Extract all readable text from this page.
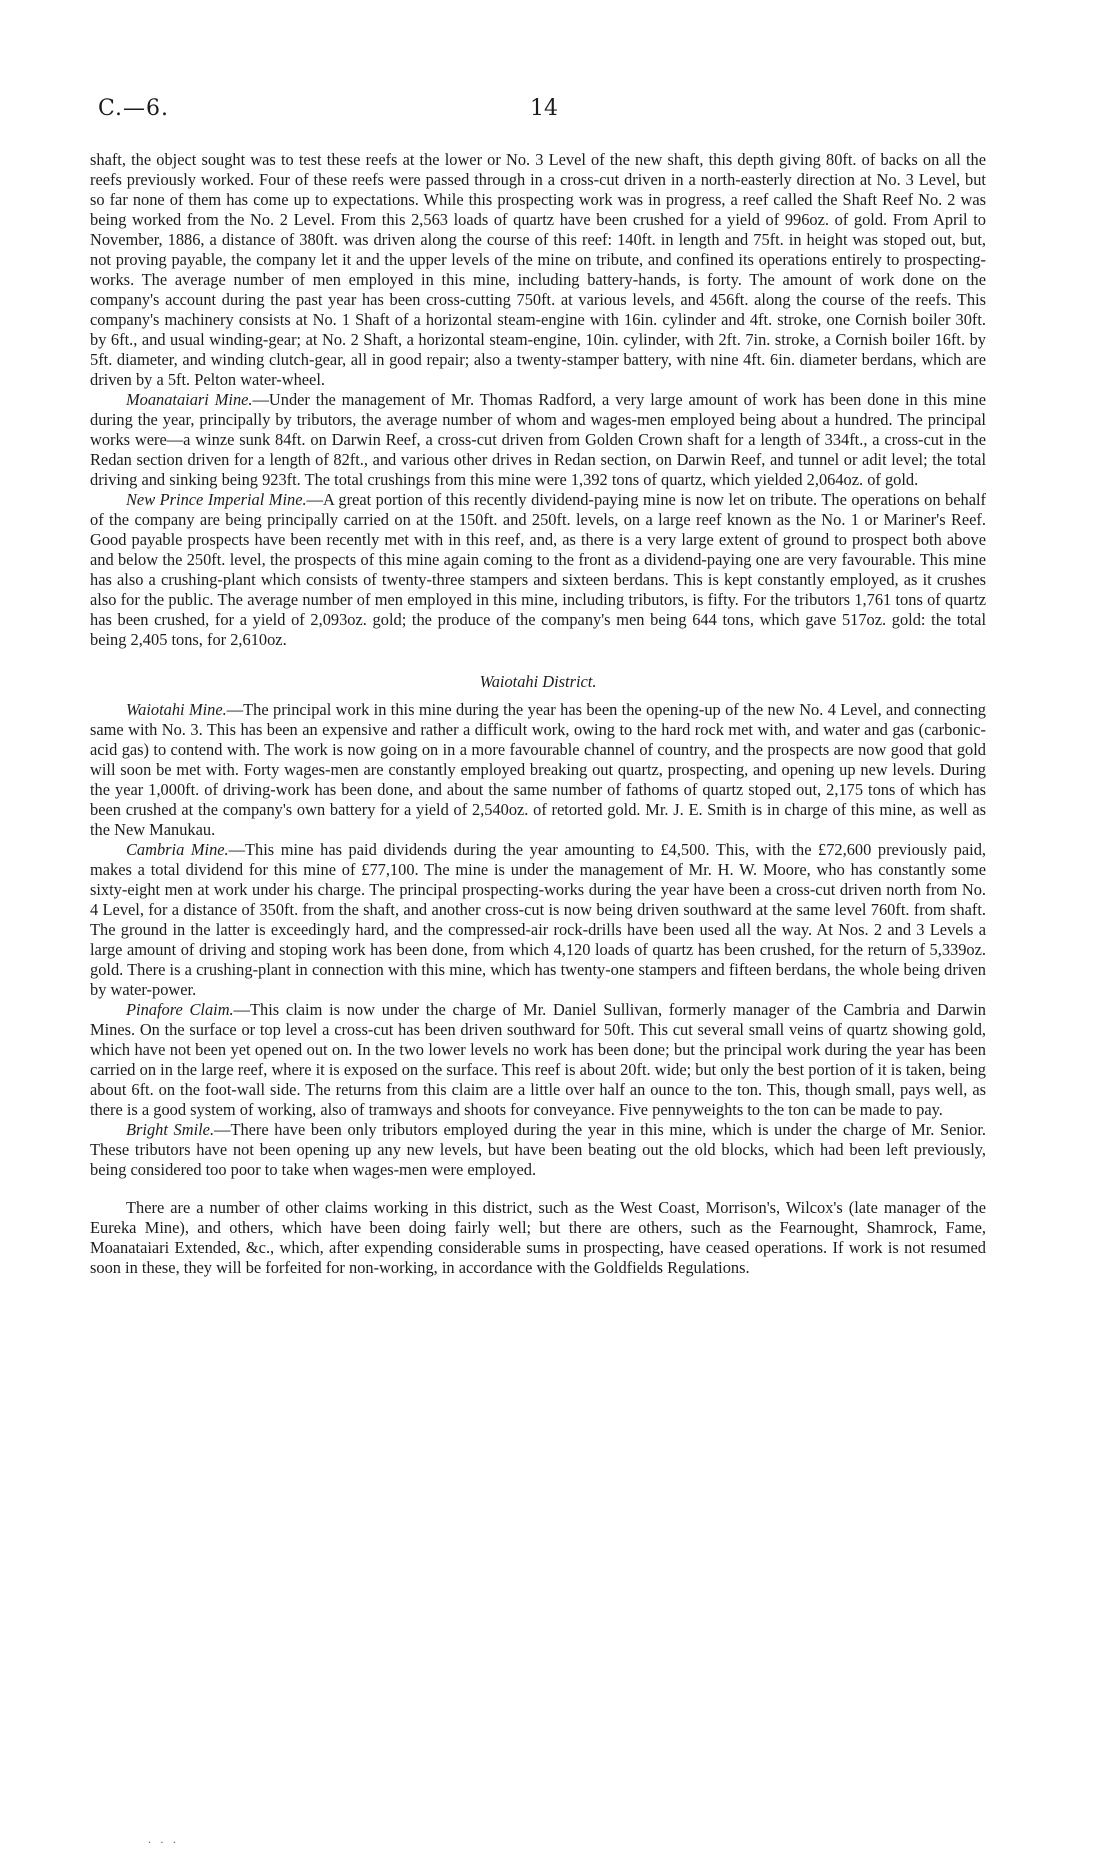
C.—6.	14

shaft, the object sought was to test these reefs at the lower or No. 3 Level of the new shaft, this depth giving 80ft. of backs on all the reefs previously worked. Four of these reefs were passed through in a cross-cut driven in a north-easterly direction at No. 3 Level, but so far none of them has come up to expectations. While this prospecting work was in progress, a reef called the Shaft Reef No. 2 was being worked from the No. 2 Level. From this 2,563 loads of quartz have been crushed for a yield of 996oz. of gold. From April to November, 1886, a distance of 380ft. was driven along the course of this reef: 140ft. in length and 75ft. in height was stoped out, but, not proving payable, the company let it and the upper levels of the mine on tribute, and confined its operations entirely to prospecting-works. The average number of men employed in this mine, including battery-hands, is forty. The amount of work done on the company's account during the past year has been cross-cutting 750ft. at various levels, and 456ft. along the course of the reefs. This company's machinery consists at No. 1 Shaft of a horizontal steam-engine with 16in. cylinder and 4ft. stroke, one Cornish boiler 30ft. by 6ft., and usual winding-gear; at No. 2 Shaft, a horizontal steam-engine, 10in. cylinder, with 2ft. 7in. stroke, a Cornish boiler 16ft. by 5ft. diameter, and winding clutch-gear, all in good repair; also a twenty-stamper battery, with nine 4ft. 6in. diameter berdans, which are driven by a 5ft. Pelton water-wheel.

Moanataiari Mine.—Under the management of Mr. Thomas Radford, a very large amount of work has been done in this mine during the year, principally by tributors, the average number of whom and wages-men employed being about a hundred. The principal works were—a winze sunk 84ft. on Darwin Reef, a cross-cut driven from Golden Crown shaft for a length of 334ft., a cross-cut in the Redan section driven for a length of 82ft., and various other drives in Redan section, on Darwin Reef, and tunnel or adit level; the total driving and sinking being 923ft. The total crushings from this mine were 1,392 tons of quartz, which yielded 2,064oz. of gold.

New Prince Imperial Mine.—A great portion of this recently dividend-paying mine is now let on tribute. The operations on behalf of the company are being principally carried on at the 150ft. and 250ft. levels, on a large reef known as the No. 1 or Mariner's Reef. Good payable prospects have been recently met with in this reef, and, as there is a very large extent of ground to prospect both above and below the 250ft. level, the prospects of this mine again coming to the front as a dividend-paying one are very favourable. This mine has also a crushing-plant which consists of twenty-three stampers and sixteen berdans. This is kept constantly employed, as it crushes also for the public. The average number of men employed in this mine, including tributors, is fifty. For the tributors 1,761 tons of quartz has been crushed, for a yield of 2,093oz. gold; the produce of the company's men being 644 tons, which gave 517oz. gold: the total being 2,405 tons, for 2,610oz.

Waiotahi District.

Waiotahi Mine.—The principal work in this mine during the year has been the opening-up of the new No. 4 Level, and connecting same with No. 3. This has been an expensive and rather a difficult work, owing to the hard rock met with, and water and gas (carbonic-acid gas) to contend with. The work is now going on in a more favourable channel of country, and the prospects are now good that gold will soon be met with. Forty wages-men are constantly employed breaking out quartz, prospecting, and opening up new levels. During the year 1,000ft. of driving-work has been done, and about the same number of fathoms of quartz stoped out, 2,175 tons of which has been crushed at the company's own battery for a yield of 2,540oz. of retorted gold. Mr. J. E. Smith is in charge of this mine, as well as the New Manukau.

Cambria Mine.—This mine has paid dividends during the year amounting to £4,500. This, with the £72,600 previously paid, makes a total dividend for this mine of £77,100. The mine is under the management of Mr. H. W. Moore, who has constantly some sixty-eight men at work under his charge. The principal prospecting-works during the year have been a cross-cut driven north from No. 4 Level, for a distance of 350ft. from the shaft, and another cross-cut is now being driven southward at the same level 760ft. from shaft. The ground in the latter is exceedingly hard, and the compressed-air rock-drills have been used all the way. At Nos. 2 and 3 Levels a large amount of driving and stoping work has been done, from which 4,120 loads of quartz has been crushed, for the return of 5,339oz. gold. There is a crushing-plant in connection with this mine, which has twenty-one stampers and fifteen berdans, the whole being driven by water-power.

Pinafore Claim.—This claim is now under the charge of Mr. Daniel Sullivan, formerly manager of the Cambria and Darwin Mines. On the surface or top level a cross-cut has been driven southward for 50ft. This cut several small veins of quartz showing gold, which have not been yet opened out on. In the two lower levels no work has been done; but the principal work during the year has been carried on in the large reef, where it is exposed on the surface. This reef is about 20ft. wide; but only the best portion of it is taken, being about 6ft. on the foot-wall side. The returns from this claim are a little over half an ounce to the ton. This, though small, pays well, as there is a good system of working, also of tramways and shoots for conveyance. Five pennyweights to the ton can be made to pay.

Bright Smile.—There have been only tributors employed during the year in this mine, which is under the charge of Mr. Senior. These tributors have not been opening up any new levels, but have been beating out the old blocks, which had been left previously, being considered too poor to take when wages-men were employed.

There are a number of other claims working in this district, such as the West Coast, Morrison's, Wilcox's (late manager of the Eureka Mine), and others, which have been doing fairly well; but there are others, such as the Fearnought, Shamrock, Fame, Moanataiari Extended, &c., which, after expending considerable sums in prospecting, have ceased operations. If work is not resumed soon in these, they will be forfeited for non-working, in accordance with the Goldfields Regulations.

· · ·
